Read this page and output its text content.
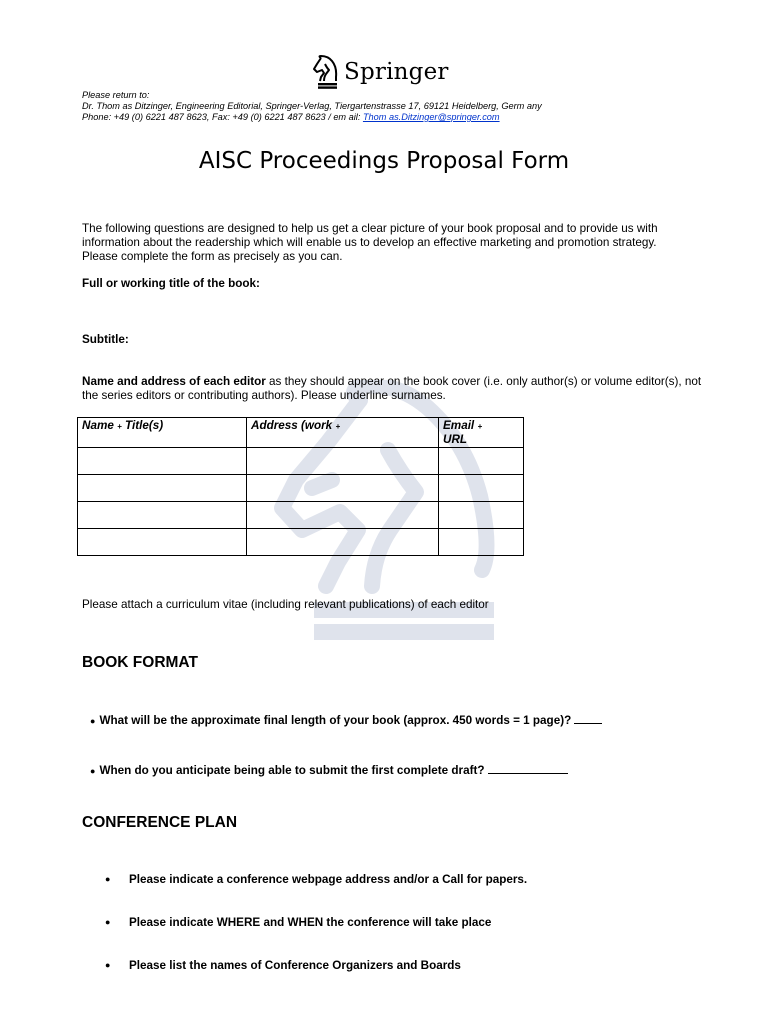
Springer
Please return to:
Dr. Thom as Ditzinger, Engineering Editorial, Springer-Verlag, Tiergartenstrasse 17, 69121 Heidelberg, Germ any
Phone: +49 (0) 6221 487 8623, Fax: +49 (0) 6221 487 8623 / em ail: Thom as.Ditzinger@springer.com
AISC Proceedings Proposal Form
The following questions are designed to help us get a clear picture of your book proposal and to provide us with information about the readership which will enable us to develop an effective marketing and promotion strategy. Please complete the form as precisely as you can.
Full or working title of the book:
Subtitle:
Name and address of each editor as they should appear on the book cover (i.e. only author(s) or volume editor(s), not the series editors or contributing authors). Please underline surnames.
Name + Title(s)	Address (work +	Email +
URL

Please attach a curriculum vitae (including relevant publications) of each editor
BOOK FORMAT
● What will be the approximate final length of your book (approx. 450 words = 1 page)?
● When do you anticipate being able to submit the first complete draft?
CONFERENCE PLAN
● Please indicate a conference webpage address and/or a Call for papers.
● Please indicate WHERE and WHEN the conference will take place
● Please list the names of Conference Organizers and Boards
